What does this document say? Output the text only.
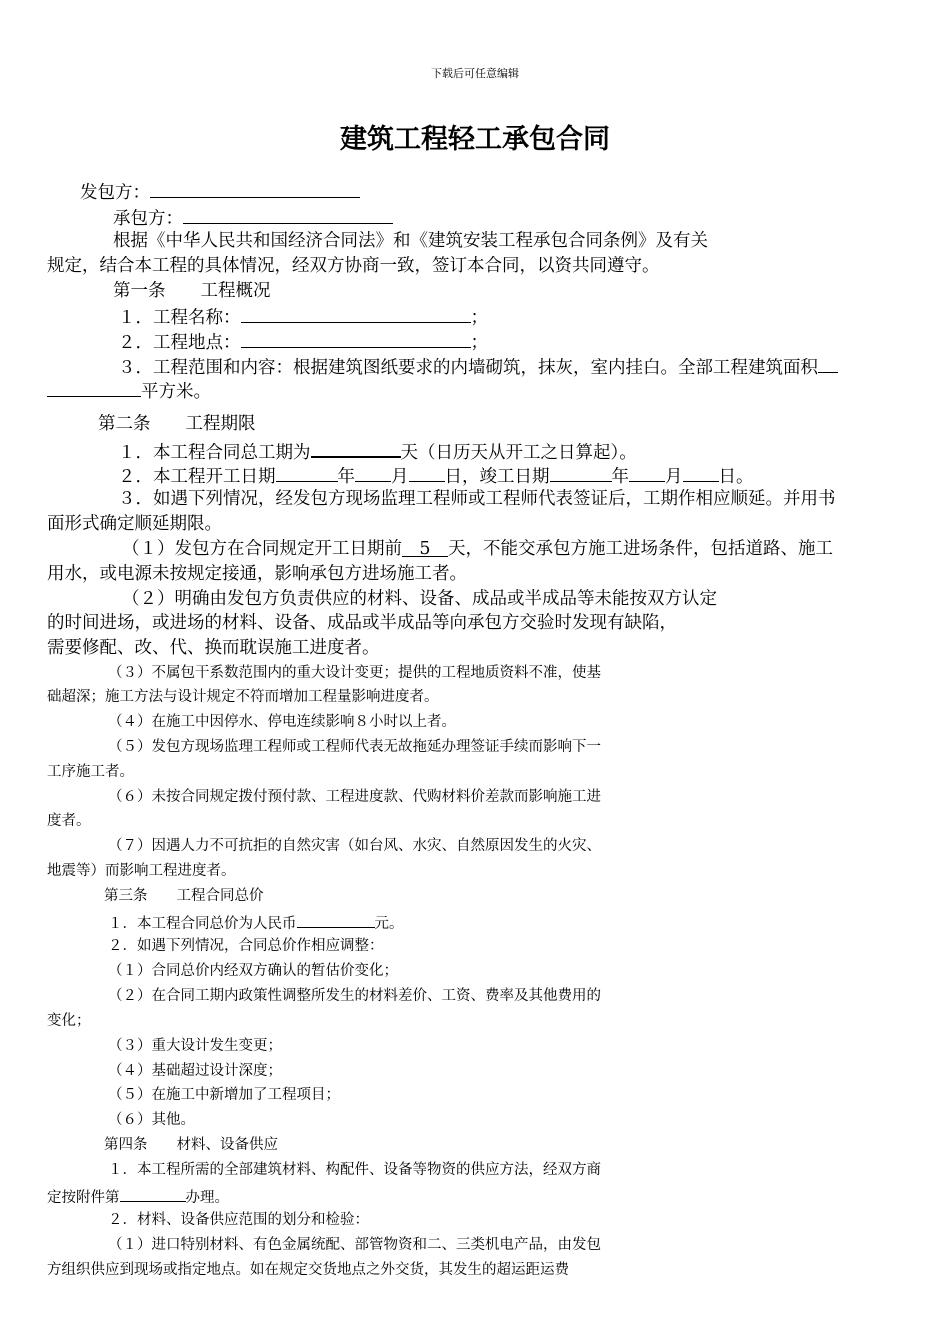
下载后可任意编辑
建筑工程轻工承包合同
发包方：
承包方：
根据《中华人民共和国经济合同法》和《建筑安装工程承包合同条例》及有关
规定，结合本工程的具体情况，经双方协商一致，签订本合同，以资共同遵守。
第一条　　工程概况
１．工程名称：	；
２．工程地点：	；
３．工程范围和内容：根据建筑图纸要求的内墙砌筑，抹灰，室内挂白。全部工程建筑面积
平方米。
第二条　　工程期限
１．本工程合同总工期为	天（日历天从开工之日算起）。
２．本工程开工日期	年 月 日，竣工日期	年 月 日。
３．如遇下列情况，经发包方现场监理工程师或工程师代表签证后，工期作相应顺延。并用书
面形式确定顺延期限。
（１）发包方在合同规定开工日期前 5 天，不能交承包方施工进场条件，包括道路、施工
用水，或电源未按规定接通，影响承包方进场施工者。
（２）明确由发包方负责供应的材料、设备、成品或半成品等未能按双方认定
的时间进场，或进场的材料、设备、成品或半成品等向承包方交验时发现有缺陷，
需要修配、改、代、换而耽误施工进度者。
（３）不属包干系数范围内的重大设计变更；提供的工程地质资料不准，使基
础超深；施工方法与设计规定不符而增加工程量影响进度者。
（４）在施工中因停水、停电连续影响８小时以上者。
（５）发包方现场监理工程师或工程师代表无故拖延办理签证手续而影响下一
工序施工者。
（６）未按合同规定拨付预付款、工程进度款、代购材料价差款而影响施工进
度者。
（７）因遇人力不可抗拒的自然灾害（如台风、水灾、自然原因发生的火灾、
地震等）而影响工程进度者。
第三条　　工程合同总价
１．本工程合同总价为人民币	元。
２．如遇下列情况，合同总价作相应调整：
（１）合同总价内经双方确认的暂估价变化；
（２）在合同工期内政策性调整所发生的材料差价、工资、费率及其他费用的
变化；
（３）重大设计发生变更；
（４）基础超过设计深度；
（５）在施工中新增加了工程项目；
（６）其他。
第四条　　材料、设备供应
１．本工程所需的全部建筑材料、构配件、设备等物资的供应方法，经双方商
定按附件第	办理。
２．材料、设备供应范围的划分和检验：
（１）进口特别材料、有色金属统配、部管物资和二、三类机电产品，由发包
方组织供应到现场或指定地点。如在规定交货地点之外交货，其发生的超运距运费
